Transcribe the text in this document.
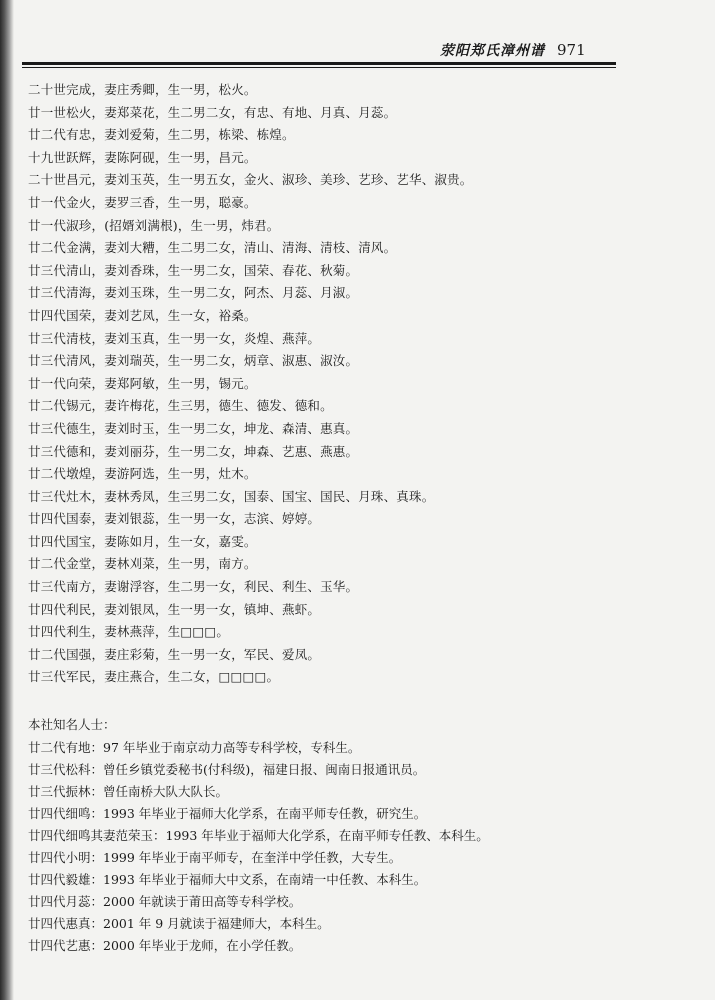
荥阳郑氏漳州谱 971
二十世完成，妻庄秀卿，生一男，松火。
廿一世松火，妻郑菜花，生二男二女，有忠、有地、月真、月蕊。
廿二代有忠，妻刘爱菊，生二男，栋梁、栋煌。
十九世跃辉，妻陈阿砚，生一男，昌元。
二十世昌元，妻刘玉英，生一男五女，金火、淑珍、美珍、艺珍、艺华、淑贵。
廿一代金火，妻罗三香，生一男，聪豪。
廿一代淑珍，(招婿刘满根)，生一男，炜君。
廿二代金满，妻刘大糟，生二男二女，清山、清海、清枝、清风。
廿三代清山，妻刘香珠，生一男二女，国荣、春花、秋菊。
廿三代清海，妻刘玉珠，生一男二女，阿杰、月蕊、月淑。
廿四代国荣，妻刘艺凤，生一女，裕桑。
廿三代清枝，妻刘玉真，生一男一女，炎煌、燕萍。
廿三代清风，妻刘瑞英，生一男二女，炳章、淑惠、淑汝。
廿一代向荣，妻郑阿敏，生一男，锡元。
廿二代锡元，妻许梅花，生三男，德生、德发、德和。
廿三代德生，妻刘时玉，生一男二女，坤龙、森清、惠真。
廿三代德和，妻刘丽芬，生一男二女，坤森、艺惠、燕惠。
廿二代墩煌，妻游阿选，生一男，灶木。
廿三代灶木，妻林秀凤，生三男二女，国泰、国宝、国民、月珠、真珠。
廿四代国泰，妻刘银蕊，生一男一女，志滨、婷婷。
廿四代国宝，妻陈如月，生一女，嘉雯。
廿二代金堂，妻林刈菜，生一男，南方。
廿三代南方，妻谢浮容，生二男一女，利民、利生、玉华。
廿四代利民，妻刘银凤，生一男一女，镇坤、燕虾。
廿四代利生，妻林燕萍，生□□□。
廿二代国强，妻庄彩菊，生一男一女，军民、爱凤。
廿三代军民，妻庄燕合，生二女，□□□□。
本社知名人士：
廿二代有地：97 年毕业于南京动力高等专科学校，专科生。
廿三代松科：曾任乡镇党委秘书(付科级)，福建日报、闽南日报通讯员。
廿三代振林：曾任南桥大队大队长。
廿四代细鸣：1993 年毕业于福师大化学系，在南平师专任教，研究生。
廿四代细鸣其妻范荣玉：1993 年毕业于福师大化学系，在南平师专任教、本科生。
廿四代小明：1999 年毕业于南平师专，在奎洋中学任教，大专生。
廿四代毅雄：1993 年毕业于福师大中文系，在南靖一中任教、本科生。
廿四代月蕊：2000 年就读于莆田高等专科学校。
廿四代惠真：2001 年 9 月就读于福建师大，本科生。
廿四代艺惠：2000 年毕业于龙师，在小学任教。
